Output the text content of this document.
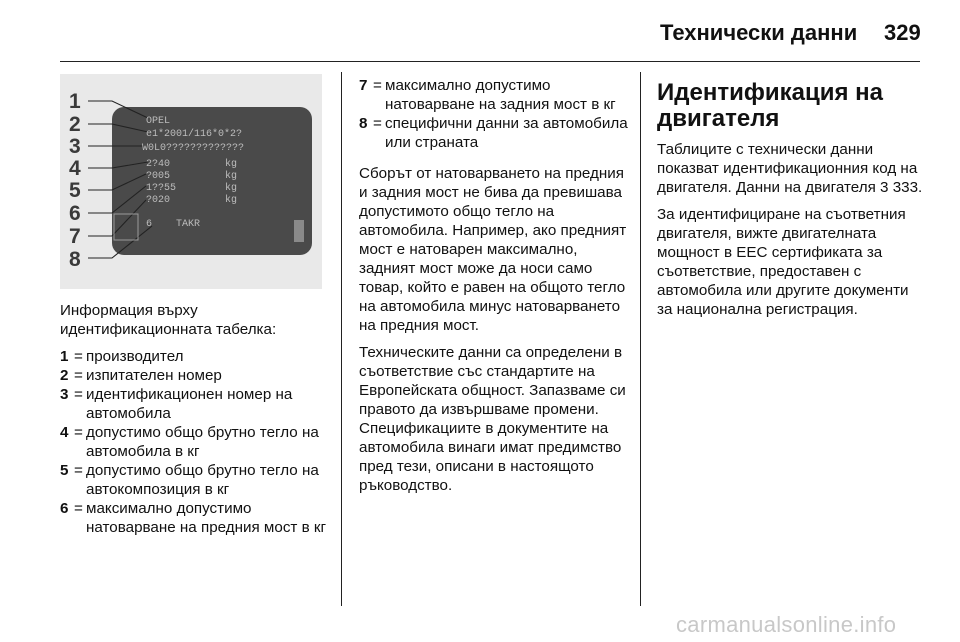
Технически данни 329
1
2
3
4
5
6
7
8
OPEL
e1*2001/116*0*2?
W0L0?????????????
2?40
?005
1??55
?020
6 TAKR
kg
kg
kg
kg

Информация върху идентификационната табелка:

1 = производител
2 = изпитателен номер
3 = идентификационен номер на автомобила
4 = допустимо общо брутно тегло на автомобила в кг
5 = допустимо общо брутно тегло на автокомпозиция в кг
6 = максимално допустимо натоварване на предния мост в кг
7 = максимално допустимо натоварване на задния мост в кг
8 = специфични данни за автомобила или страната

Сборът от натоварването на предния и задния мост не бива да превишава допустимото общо тегло на автомобила. Например, ако предният мост е натоварен максимално, задният мост може да носи само товар, който е равен на общото тегло на автомобила минус натоварването на предния мост.

Техническите данни са определени в съответствие със стандартите на Европейската общност. Запазваме си правото да извършваме промени. Спецификациите в документите на автомобила винаги имат предимство пред тези, описани в настоящото ръководство.

Идентификация на двигателя

Таблиците с технически данни показват идентификационния код на двигателя. Данни на двигателя 3 333.

За идентифициране на съответния двигателя, вижте двигателната мощност в ЕЕС сертификата за съответствие, предоставен с автомобила или другите документи за национална регистрация.

carmanualsonline.info
